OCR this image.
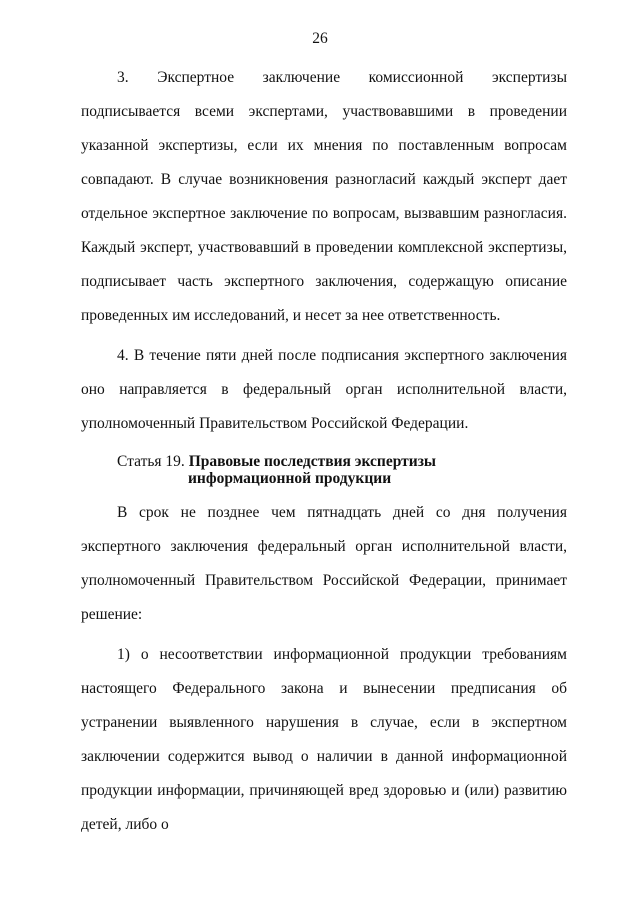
26

3. Экспертное заключение комиссионной экспертизы подписывается всеми экспертами, участвовавшими в проведении указанной экспертизы, если их мнения по поставленным вопросам совпадают. В случае возникновения разногласий каждый эксперт дает отдельное экспертное заключение по вопросам, вызвавшим разногласия. Каждый эксперт, участвовавший в проведении комплексной экспертизы, подписывает часть экспертного заключения, содержащую описание проведенных им исследований, и несет за нее ответственность.

4. В течение пяти дней после подписания экспертного заключения оно направляется в федеральный орган исполнительной власти, уполномоченный Правительством Российской Федерации.

Статья 19. Правовые последствия экспертизы
информационной продукции

В срок не позднее чем пятнадцать дней со дня получения экспертного заключения федеральный орган исполнительной власти, уполномоченный Правительством Российской Федерации, принимает решение:

1) о несоответствии информационной продукции требованиям настоящего Федерального закона и вынесении предписания об устранении выявленного нарушения в случае, если в экспертном заключении содержится вывод о наличии в данной информационной продукции информации, причиняющей вред здоровью и (или) развитию детей, либо о
